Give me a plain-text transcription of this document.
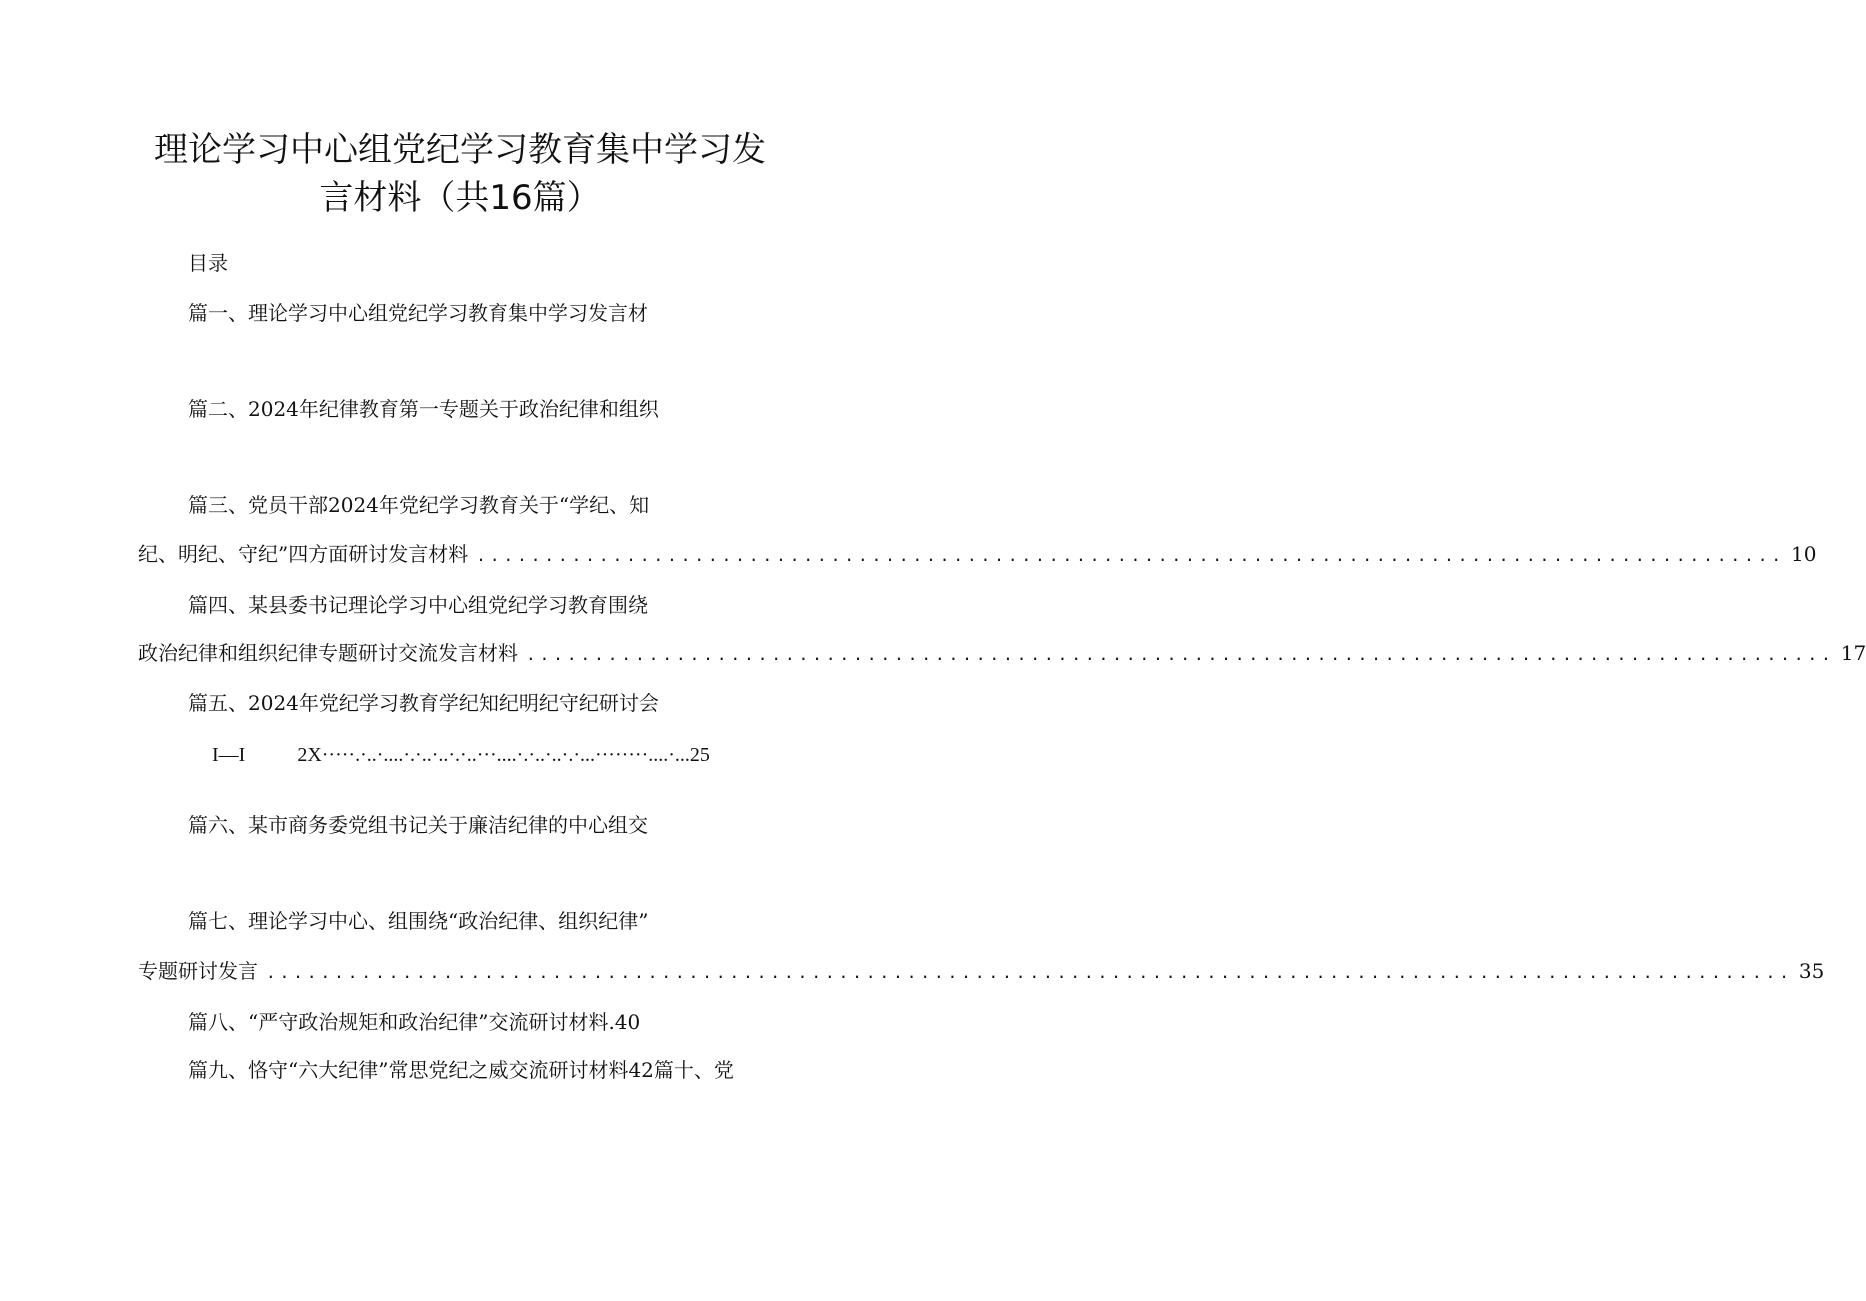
理论学习中心组党纪学习教育集中学习发
言材料（共16篇）
目录
篇一、理论学习中心组党纪学习教育集中学习发言材
篇二、2024年纪律教育第一专题关于政治纪律和组织
篇三、党员干部2024年党纪学习教育关于“学纪、知
纪、明纪、守纪”四方面研讨发言材料 ................................................................................................ 10
篇四、某县委书记理论学习中心组党纪学习教育围绕
政治纪律和组织纪律专题研讨交流发言材料 ................................................................................................ 17
篇五、2024年党纪学习教育学纪知纪明纪守纪研讨会
I—I	2X·····.·..·....·.·..·..·.·..···....·.·..·..·.·...········....·...25
篇六、某市商务委党组书记关于廉洁纪律的中心组交
篇七、理论学习中心、组围绕“政治纪律、组织纪律”
专题研讨发言 ................................................................................................................ 35
篇八、“严守政治规矩和政治纪律”交流研讨材料.40
篇九、恪守“六大纪律”常思党纪之威交流研讨材料42篇十、党
